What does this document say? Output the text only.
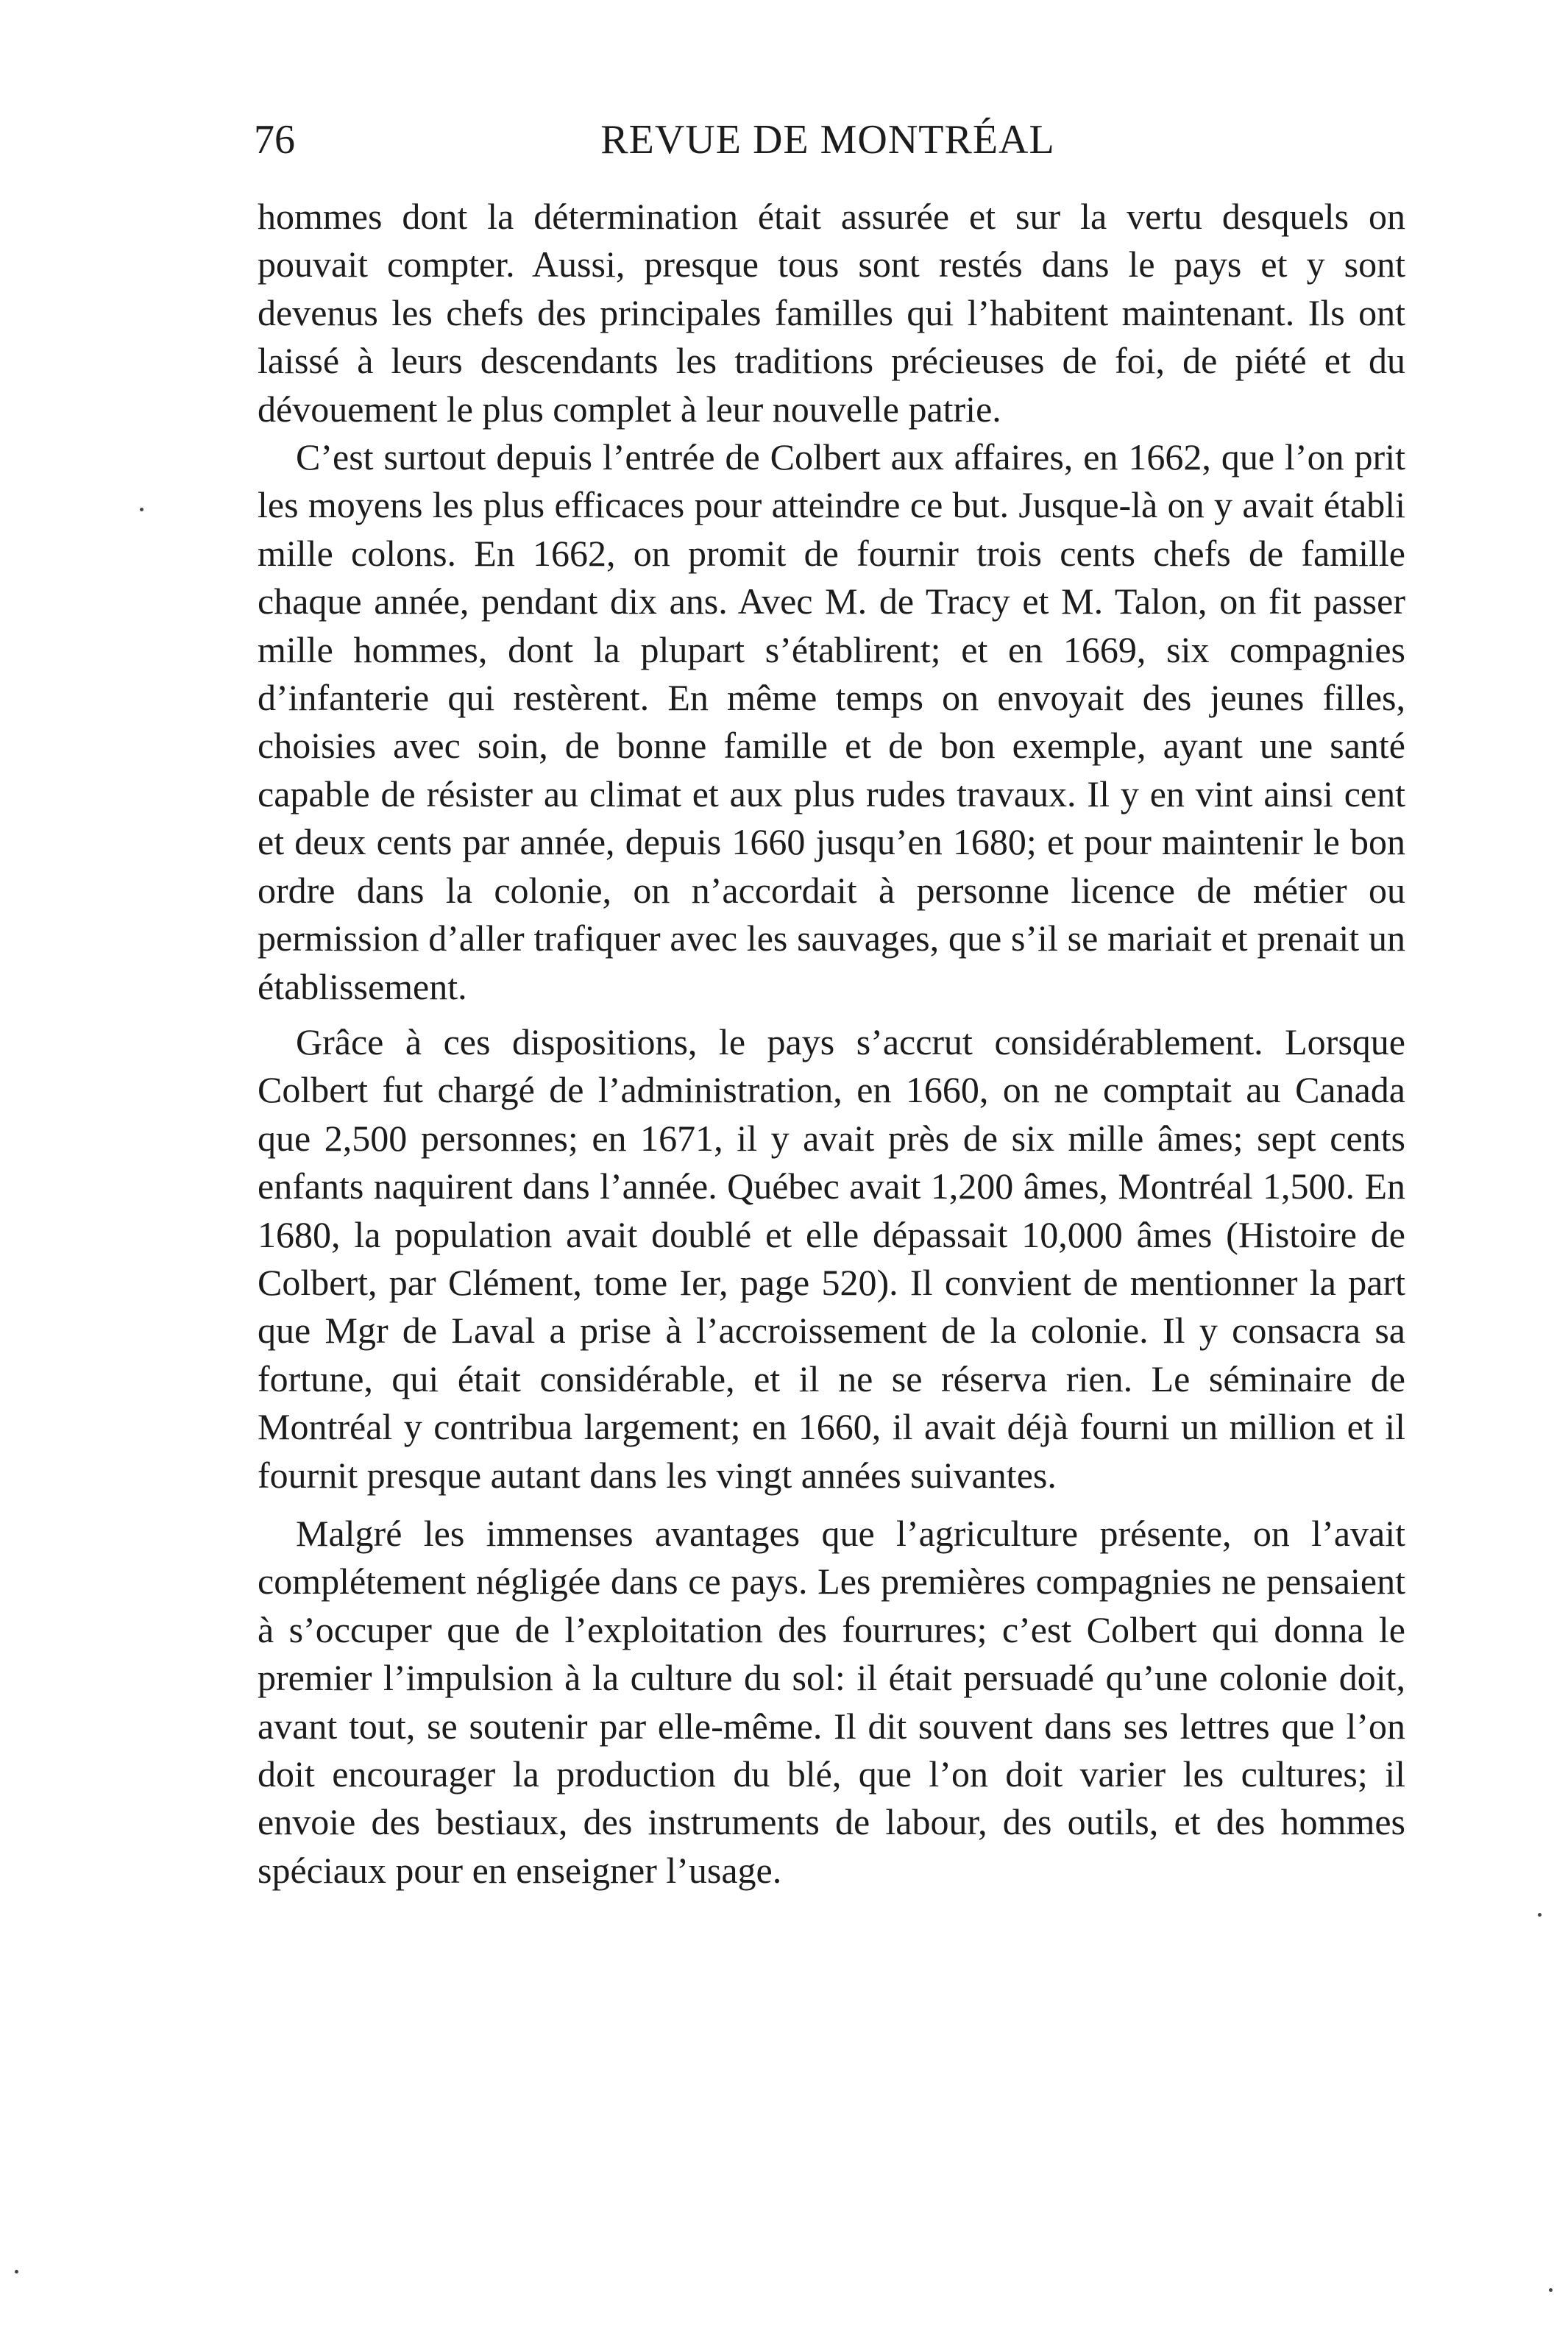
76	REVUE DE MONTRÉAL

hommes dont la détermination était assurée et sur la vertu desquels on pouvait compter. Aussi, presque tous sont restés dans le pays et y sont devenus les chefs des principales familles qui l’habitent maintenant. Ils ont laissé à leurs descendants les traditions précieuses de foi, de piété et du dévouement le plus complet à leur nouvelle patrie.

C’est surtout depuis l’entrée de Colbert aux affaires, en 1662, que l’on prit les moyens les plus efficaces pour atteindre ce but. Jusque-là on y avait établi mille colons. En 1662, on promit de fournir trois cents chefs de famille chaque année, pendant dix ans. Avec M. de Tracy et M. Talon, on fit passer mille hommes, dont la plupart s’établirent; et en 1669, six compagnies d’infanterie qui restèrent. En même temps on envoyait des jeunes filles, choisies avec soin, de bonne famille et de bon exemple, ayant une santé capable de résister au climat et aux plus rudes travaux. Il y en vint ainsi cent et deux cents par année, depuis 1660 jusqu’en 1680; et pour maintenir le bon ordre dans la colonie, on n’accordait à personne licence de métier ou permission d’aller trafiquer avec les sauvages, que s’il se mariait et prenait un établissement.

Grâce à ces dispositions, le pays s’accrut considérablement. Lorsque Colbert fut chargé de l’administration, en 1660, on ne comptait au Canada que 2,500 personnes; en 1671, il y avait près de six mille âmes; sept cents enfants naquirent dans l’année. Québec avait 1,200 âmes, Montréal 1,500. En 1680, la population avait doublé et elle dépassait 10,000 âmes (Histoire de Colbert, par Clément, tome Ier, page 520). Il convient de mentionner la part que Mgr de Laval a prise à l’accroissement de la colonie. Il y consacra sa fortune, qui était considérable, et il ne se réserva rien. Le séminaire de Montréal y contribua largement; en 1660, il avait déjà fourni un million et il fournit presque autant dans les vingt années suivantes.

Malgré les immenses avantages que l’agriculture présente, on l’avait complétement négligée dans ce pays. Les premières compagnies ne pensaient à s’occuper que de l’exploitation des fourrures; c’est Colbert qui donna le premier l’impulsion à la culture du sol: il était persuadé qu’une colonie doit, avant tout, se soutenir par elle-même. Il dit souvent dans ses lettres que l’on doit encourager la production du blé, que l’on doit varier les cultures; il envoie des bestiaux, des instruments de labour, des outils, et des hommes spéciaux pour en enseigner l’usage.
